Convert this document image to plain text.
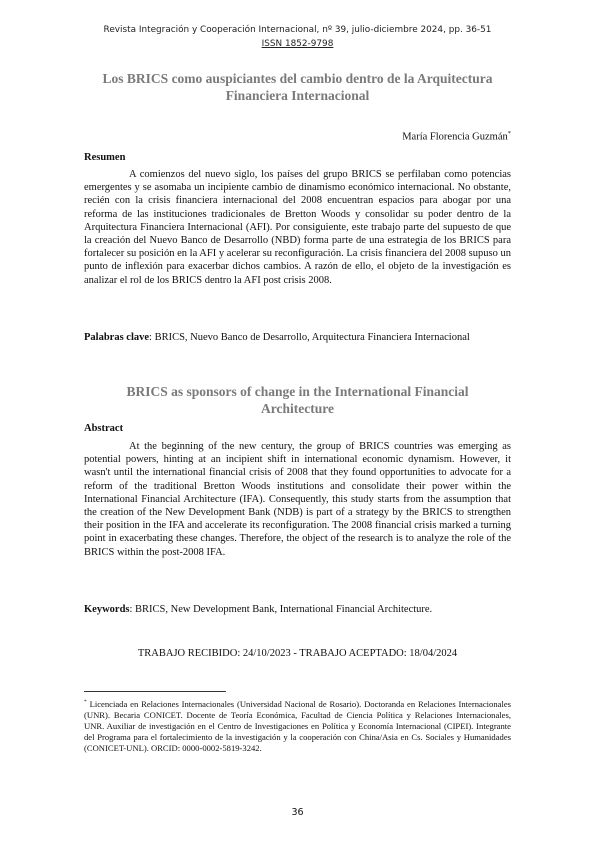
Revista Integración y Cooperación Internacional, nº 39, julio-diciembre 2024, pp. 36-51
ISSN 1852-9798
Los BRICS como auspiciantes del cambio dentro de la Arquitectura Financiera Internacional
María Florencia Guzmán*
Resumen
A comienzos del nuevo siglo, los países del grupo BRICS se perfilaban como potencias emergentes y se asomaba un incipiente cambio de dinamismo económico internacional. No obstante, recién con la crisis financiera internacional del 2008 encuentran espacios para abogar por una reforma de las instituciones tradicionales de Bretton Woods y consolidar su poder dentro de la Arquitectura Financiera Internacional (AFI). Por consiguiente, este trabajo parte del supuesto de que la creación del Nuevo Banco de Desarrollo (NBD) forma parte de una estrategia de los BRICS para fortalecer su posición en la AFI y acelerar su reconfiguración. La crisis financiera del 2008 supuso un punto de inflexión para exacerbar dichos cambios. A razón de ello, el objeto de la investigación es analizar el rol de los BRICS dentro la AFI post crisis 2008.
Palabras clave: BRICS, Nuevo Banco de Desarrollo, Arquitectura Financiera Internacional
BRICS as sponsors of change in the International Financial Architecture
Abstract
At the beginning of the new century, the group of BRICS countries was emerging as potential powers, hinting at an incipient shift in international economic dynamism. However, it wasn't until the international financial crisis of 2008 that they found opportunities to advocate for a reform of the traditional Bretton Woods institutions and consolidate their power within the International Financial Architecture (IFA). Consequently, this study starts from the assumption that the creation of the New Development Bank (NDB) is part of a strategy by the BRICS to strengthen their position in the IFA and accelerate its reconfiguration. The 2008 financial crisis marked a turning point in exacerbating these changes. Therefore, the object of the research is to analyze the role of the BRICS within the post-2008 IFA.
Keywords: BRICS, New Development Bank, International Financial Architecture.
TRABAJO RECIBIDO: 24/10/2023 - TRABAJO ACEPTADO: 18/04/2024
* Licenciada en Relaciones Internacionales (Universidad Nacional de Rosario). Doctoranda en Relaciones Internacionales (UNR). Becaria CONICET. Docente de Teoría Económica, Facultad de Ciencia Política y Relaciones Internacionales, UNR. Auxiliar de investigación en el Centro de Investigaciones en Política y Economía Internacional (CIPEI). Integrante del Programa para el fortalecimiento de la investigación y la cooperación con China/Asia en Cs. Sociales y Humanidades (CONICET-UNL). ORCID: 0000-0002-5819-3242.
36
